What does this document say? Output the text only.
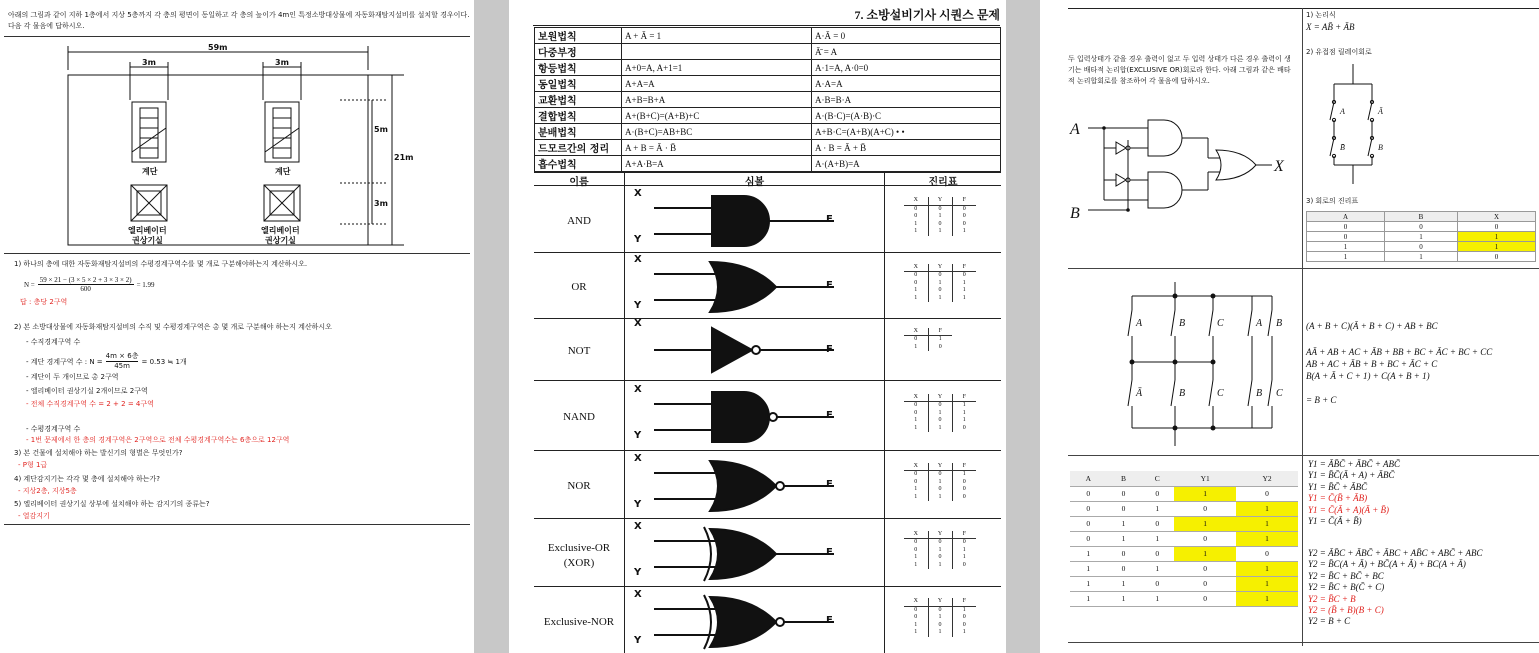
아래의 그림과 같이 지하 1층에서 지상 5층까지 각 층의 평면이 동일하고 각 층의 높이가 4m인 특정소방대상물에 자동화재탐지설비를 설치할 경우이다. 다음 각 물음에 답하시오.
59m
3m	3m
5m
3m
21m
계단	계단
엘리베이터
권상기실
엘리베이터
권상기실
1) 하나의 층에 대한 자동화재탐지설비의 수평경계구역수를 몇 개로 구분해야하는지 계산하시오.
$N = \frac{59 \times 21 - (3 \times 5 \times 2 + 3 \times 3 \times 2)}{600} = 1.99$
답 : 층당 2구역
2) 본 소방대상물에 자동화재탐지설비의 수직 및 수평경계구역은 총 몇 개로 구분해야 하는지 계산하시오
- 수직경계구역 수
- 계단 경계구역 수 : N =
4m × 6층
45m
= 0.53 ≒ 1개
- 계단이 두 개이므로 총 2구역
- 엘리베이터 권상기실 2개이므로 2구역
- 전체 수직경계구역 수 = 2 + 2 = 4구역
- 수평경계구역 수
- 1번 문제에서 한 층의 경계구역은 2구역으로 전체 수평경계구역수는 6층으로 12구역
3) 본 건물에 설치해야 하는 발신기의 형별은 무엇인가?
- P형 1급
4) 계단감지기는 각각 몇 층에 설치해야 하는가?
- 지상2층, 지상5층
5) 엘리베이터 권상기실 상부에 설치해야 하는 감지기의 종류는?
- 열감지기
7. 소방설비기사 시퀀스 문제
보원법칙	A + Ā = 1	A·Ā = 0
다중부정		Ā̄ = A
항등법칙	A+0=A, A+1=1	A·1=A, A·0=0
동일법칙	A+A=A	A·A=A
교환법칙	A+B=B+A	A·B=B·A
결합법칙	A+(B+C)=(A+B)+C	A·(B·C)=(A·B)·C
분배법칙	A·(B+C)=AB+BC	A+B·C=(A+B)(A+C) • •
드모르간의 정리	A + B = Ā · B̄	A · B = Ā + B̄
흡수법칙	A+A·B=A	A·(A+B)=A
이름	심볼	진리표
AND
X
F
Y
X	Y	F
0	0	0
0	1	0
1	0	0
1	1	1
OR
X
F
Y
X	Y	F
0	0	0
0	1	1
1	0	1
1	1	1
NOT
X
F
X	F
0	1
1	0
NAND
X
F
Y
X	Y	F
0	0	1
0	1	1
1	0	1
1	1	0
NOR
X
F
Y
X	Y	F
0	0	1
0	1	0
1	0	0
1	1	0
Exclusive-OR
(XOR)
X
F
Y
X	Y	F
0	0	0
0	1	1
1	0	1
1	1	0
Exclusive-NOR
X
F
Y
X	Y	F
0	0	1
0	1	0
1	0	0
1	1	1
두 입력상태가 같을 경우 출력이 없고 두 입력 상태가 다른 경우 출력이 생기는 배타적 논리합(EXCLUSIVE OR)회로라 한다. 아래 그림과 같은 배타적 논리합회로를 참조하여 각 물음에 답하시오.
A
B
X
1) 논리식
X = AB̄ + ĀB
2) 유접점 릴레이회로
A	Ā
B̄	B
3) 회로의 진리표
A	B	X
0	0	0
0	1	1
1	0	1
1	1	0
A	B	C	A B
Ā	B	C	B C
(A + B + C)(Ā + B + C) + AB + BC
AĀ + AB + AC + ĀB + BB + BC + ĀC + BC + CC
AB + AC + ĀB + B + BC + ĀC + C
B(A + Ā + C + 1) + C(A + B + 1)
= B + C
A	B	C	Y1	Y2
0	0	0	1	0
0	0	1	0	1
0	1	0	1	1
0	1	1	0	1
1	0	0	1	0
1	0	1	0	1
1	1	0	0	1
1	1	1	0	1
Y1 = ĀB̄C̄ + ĀBC̄ + ABC̄
Y1 = B̄C̄(Ā + A) + ĀBC̄
Y1 = B̄C̄ + ĀBC̄
Y1 = C̄(B̄ + ĀB)
Y1 = C̄(Ā + A)(Ā + B̄)
Y1 = C̄(Ā + B̄)
Y2 = ĀB̄C + ĀBC̄ + ĀBC + AB̄C + ABC̄ + ABC
Y2 = B̄C(A + Ā) + BC̄(A + Ā) + BC(A + Ā)
Y2 = B̄C + BC̄ + BC
Y2 = B̄C + B(C̄ + C)
Y2 = B̄C + B
Y2 = (B̄ + B)(B + C)
Y2 = B + C
